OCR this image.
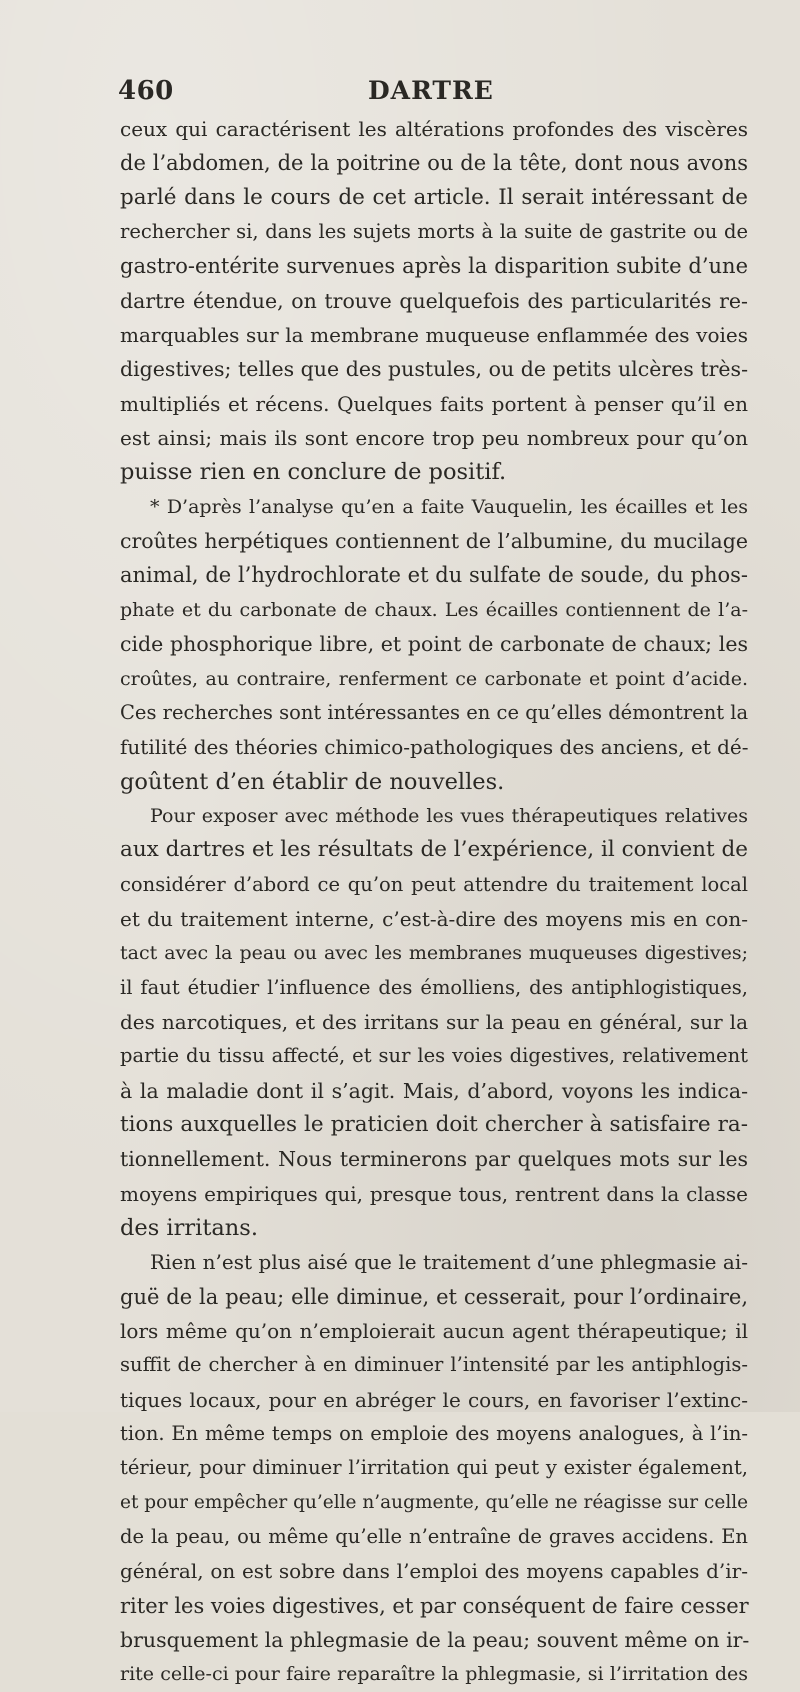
460	DARTRE
ceux qui caractérisent les altérations profondes des viscères
de l’abdomen, de la poitrine ou de la tête, dont nous avons
parlé dans le cours de cet article. Il serait intéressant de
rechercher si, dans les sujets morts à la suite de gastrite ou de
gastro-entérite survenues après la disparition subite d’une
dartre étendue, on trouve quelquefois des particularités re-
marquables sur la membrane muqueuse enflammée des voies
digestives; telles que des pustules, ou de petits ulcères très-
multipliés et récens. Quelques faits portent à penser qu’il en
est ainsi; mais ils sont encore trop peu nombreux pour qu’on
puisse rien en conclure de positif.
* D’après l’analyse qu’en a faite Vauquelin, les écailles et les
croûtes herpétiques contiennent de l’albumine, du mucilage
animal, de l’hydrochlorate et du sulfate de soude, du phos-
phate et du carbonate de chaux. Les écailles contiennent de l’a-
cide phosphorique libre, et point de carbonate de chaux; les
croûtes, au contraire, renferment ce carbonate et point d’acide.
Ces recherches sont intéressantes en ce qu’elles démontrent la
futilité des théories chimico-pathologiques des anciens, et dé-
goûtent d’en établir de nouvelles.
Pour exposer avec méthode les vues thérapeutiques relatives
aux dartres et les résultats de l’expérience, il convient de
considérer d’abord ce qu’on peut attendre du traitement local
et du traitement interne, c’est-à-dire des moyens mis en con-
tact avec la peau ou avec les membranes muqueuses digestives;
il faut étudier l’influence des émolliens, des antiphlogistiques,
des narcotiques, et des irritans sur la peau en général, sur la
partie du tissu affecté, et sur les voies digestives, relativement
à la maladie dont il s’agit. Mais, d’abord, voyons les indica-
tions auxquelles le praticien doit chercher à satisfaire ra-
tionnellement. Nous terminerons par quelques mots sur les
moyens empiriques qui, presque tous, rentrent dans la classe
des irritans.
Rien n’est plus aisé que le traitement d’une phlegmasie ai-
guë de la peau; elle diminue, et cesserait, pour l’ordinaire,
lors même qu’on n’emploierait aucun agent thérapeutique; il
suffit de chercher à en diminuer l’intensité par les antiphlogis-
tiques locaux, pour en abréger le cours, en favoriser l’extinc-
tion. En même temps on emploie des moyens analogues, à l’in-
térieur, pour diminuer l’irritation qui peut y exister également,
et pour empêcher qu’elle n’augmente, qu’elle ne réagisse sur celle
de la peau, ou même qu’elle n’entraîne de graves accidens. En
général, on est sobre dans l’emploi des moyens capables d’ir-
riter les voies digestives, et par conséquent de faire cesser
brusquement la phlegmasie de la peau; souvent même on ir-
rite celle-ci pour faire reparaître la phlegmasie, si l’irritation des
